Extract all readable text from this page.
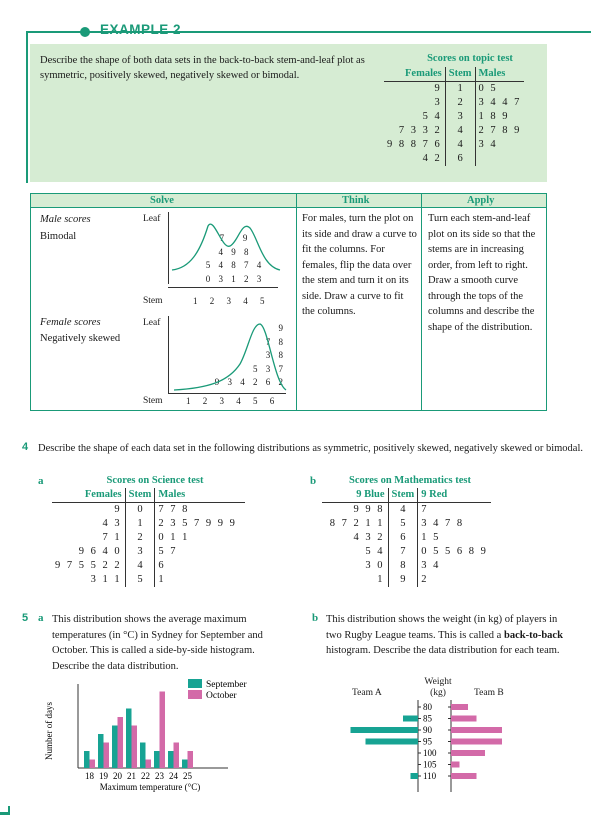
EXAMPLE 2
Describe the shape of both data sets in the back-to-back stem-and-leaf plot as symmetric, positively skewed, negatively skewed or bimodal.
Scores on topic test
Females	Stem	Males
9	1	0 5
3	2	3 4 4 7
5 4	3	1 8 9
7 3 3 2	4	2 7 8 9
9 8 8 7 6	4	3 4
4 2	6	
Solve	Think	Apply
Male scores
Bimodal
Female scores
Negatively skewed
Leaf
Stem
7   9
4 9 8
5 4 8 7 4
0 3 1 2 3
1 2 3 4 5
Leaf
Stem
9
7 8
3 8
5 3 7
9 3 4 2 6 2
1 2 3 4 5 6
For males, turn the plot on its side and draw a curve to fit the columns. For females, flip the data over the stem and turn it on its side. Draw a curve to fit the columns.
Turn each stem-and-leaf plot on its side so that the stems are in increasing order, from left to right. Draw a smooth curve through the tops of the columns and describe the shape of the distribution.
4 Describe the shape of each data set in the following distributions as symmetric, positively skewed, negatively skewed or bimodal.
a	Scores on Science test
Females	Stem	Males
9	0	7 7 8
4 3	1	2 3 5 7 9 9 9
7 1	2	0 1 1
9 6 4 0	3	5 7
9 7 5 5 2 2	4	6
3 1 1	5	1
b	Scores on Mathematics test
9 Blue	Stem	9 Red
9 9 8	4	7
8 7 2 1 1	5	3 4 7 8
4 3 2	6	1 5
5 4	7	0 5 5 6 8 9
3 0	8	3 4
1	9	2
5 a This distribution shows the average maximum temperatures (in °C) in Sydney for September and October. This is called a side-by-side histogram. Describe the data distribution.
b This distribution shows the weight (in kg) of players in two Rugby League teams. This is called a back-to-back histogram. Describe the data distribution for each team.
Number of days
18 19 20 21 22 23 24 25
Maximum temperature (°C)
September
October	Team A	Team B
Weight
(kg)
80
85
90
95
100
105
110
